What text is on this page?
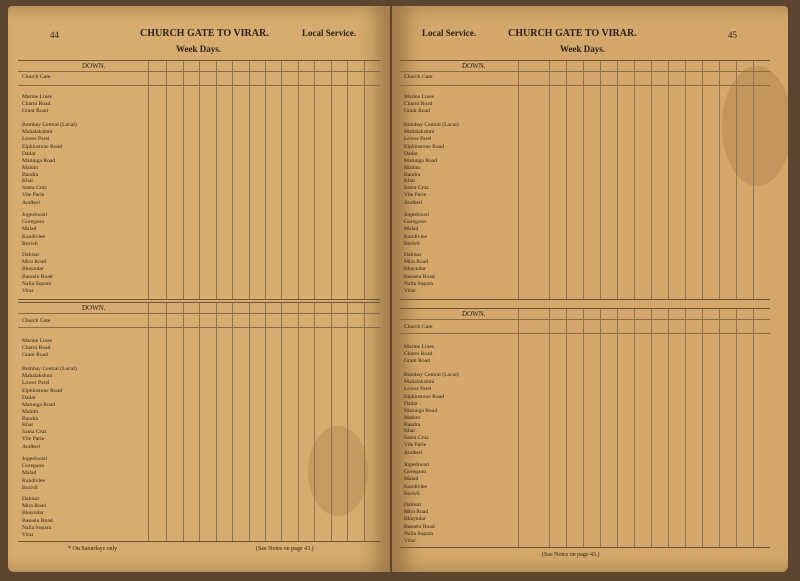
44	CHURCH GATE TO VIRAR.	Local Service.
Week Days.
DOWN.
Church Gate
Marine Lines
Charni Road
Grant Road
Bombay Central (Local)
Mahalakshmi
Lower Parel
Elphinstone Road
Dadar
Matunga Road
Mahim
Bandra
Khar
Santa Cruz
Vile Parle
Andheri
Jogeshwari
Goregaon
Malad
Kandivlee
Borivli
Dahisar
Mira Road
Bhayndar
Bassein Road
Nalla Sopara
Virar
DOWN.
Church Gate
Marine Lines
Charni Road
Grant Road
Bombay Central (Local)
Mahalakshmi
Lower Parel
Elphinstone Road
Dadar
Matunga Road
Mahim
Bandra
Khar
Santa Cruz
Vile Parle
Andheri
Jogeshwari
Goregaon
Malad
Kandivlee
Borivli
Dahisar
Mira Road
Bhayndar
Bassein Road
Nalla Sopara
Virar
* On Saturdays only	(See Notes on page 43.)
Local Service.	CHURCH GATE TO VIRAR.	45
Week Days.
DOWN.
Church Gate
Marine Lines
Charni Road
Grant Road
Bombay Central (Local)
Mahalakshmi
Lower Parel
Elphinstone Road
Dadar
Matunga Road
Mahim
Bandra
Khar
Santa Cruz
Vile Parle
Andheri
Jogeshwari
Goregaon
Malad
Kandivlee
Borivli
Dahisar
Mira Road
Bhayndar
Bassein Road
Nalla Sopara
Virar
DOWN.
Church Gate
Marine Lines
Charni Road
Grant Road
Bombay Central (Local)
Mahalakshmi
Lower Parel
Elphinstone Road
Dadar
Matunga Road
Mahim
Bandra
Khar
Santa Cruz
Vile Parle
Andheri
Jogeshwari
Goregaon
Malad
Kandivlee
Borivli
Dahisar
Mira Road
Bhayndar
Bassein Road
Nalla Sopara
Virar
(See Notes on page 43.)
